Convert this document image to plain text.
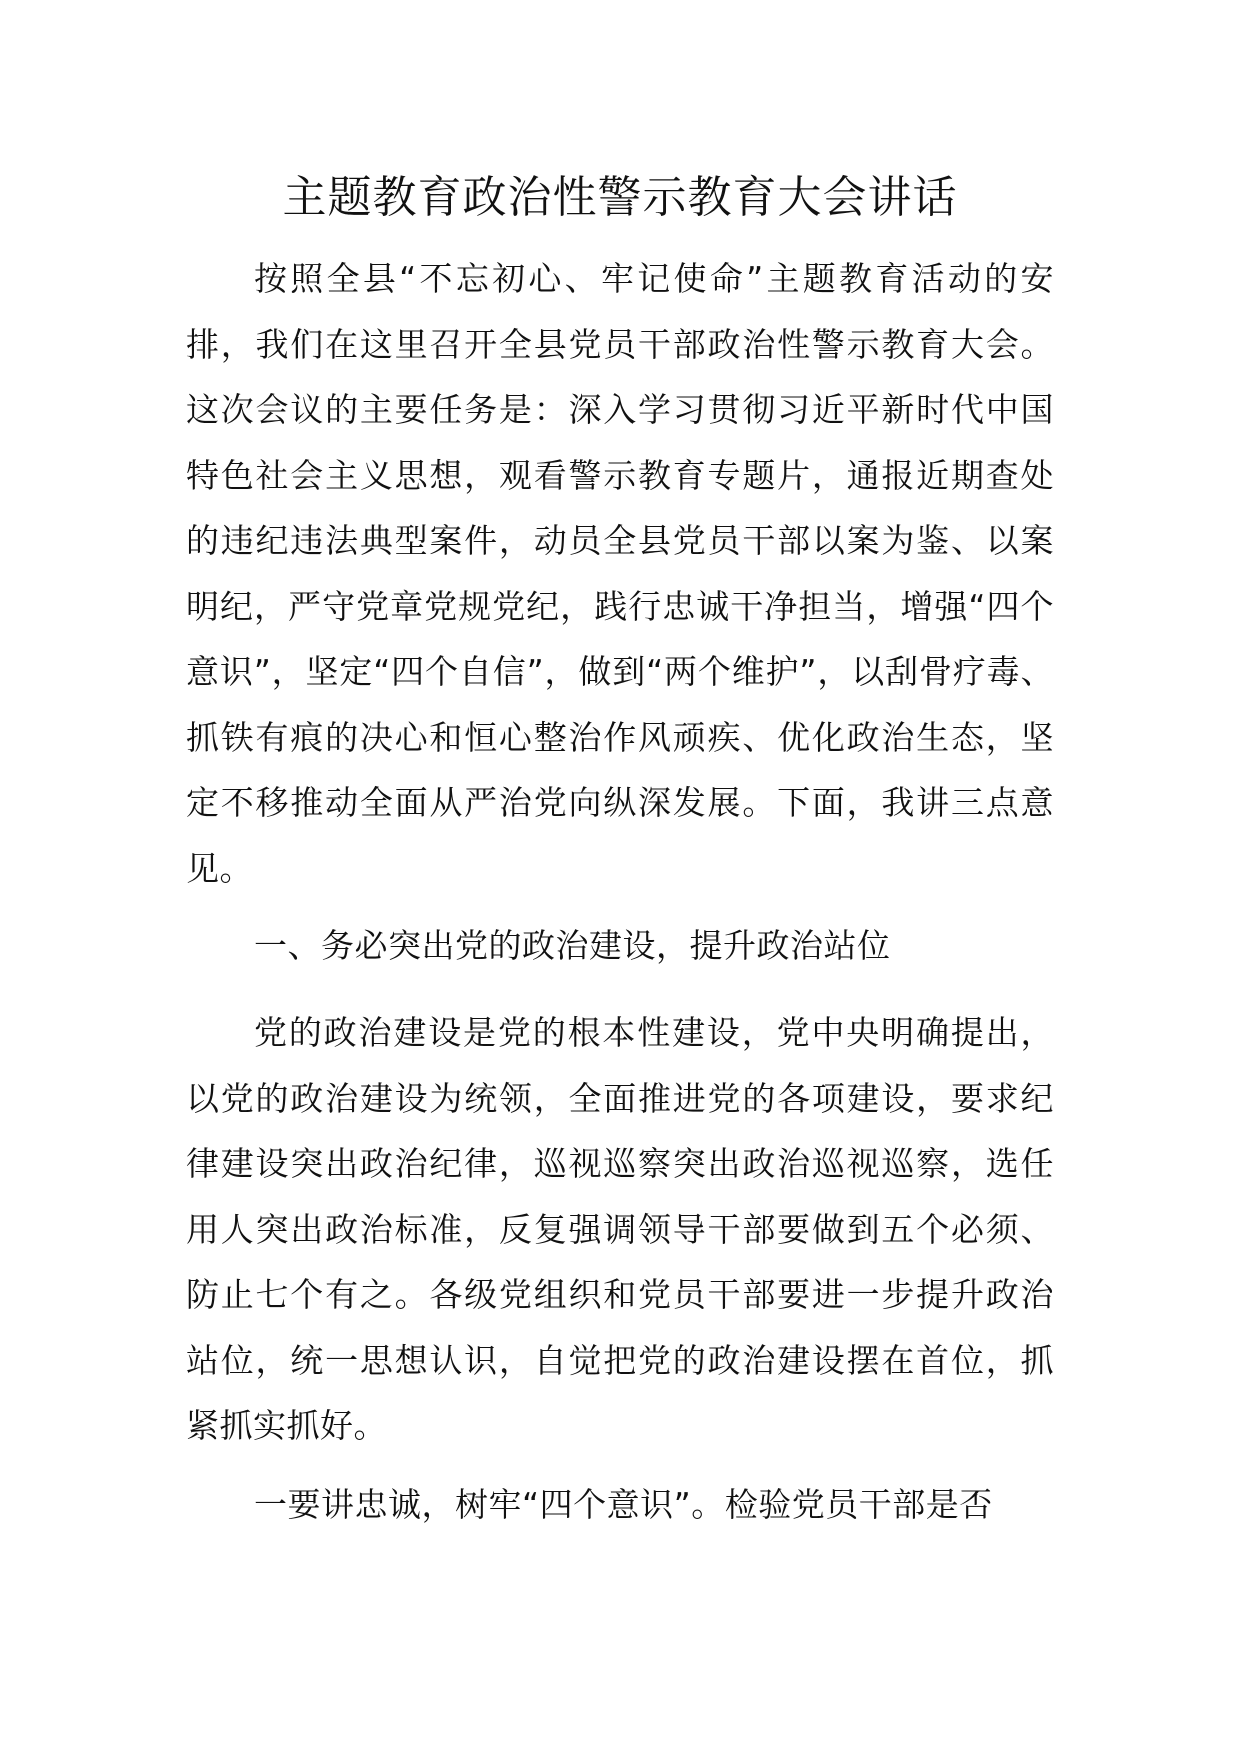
主题教育政治性警示教育大会讲话

按照全县“不忘初心、牢记使命”主题教育活动的安排，我们在这里召开全县党员干部政治性警示教育大会。这次会议的主要任务是：深入学习贯彻习近平新时代中国特色社会主义思想，观看警示教育专题片，通报近期查处的违纪违法典型案件，动员全县党员干部以案为鉴、以案明纪，严守党章党规党纪，践行忠诚干净担当，增强“四个意识”，坚定“四个自信”，做到“两个维护”，以刮骨疗毒、抓铁有痕的决心和恒心整治作风顽疾、优化政治生态，坚定不移推动全面从严治党向纵深发展。下面，我讲三点意见。

一、务必突出党的政治建设，提升政治站位

党的政治建设是党的根本性建设，党中央明确提出，以党的政治建设为统领，全面推进党的各项建设，要求纪律建设突出政治纪律，巡视巡察突出政治巡视巡察，选任用人突出政治标准，反复强调领导干部要做到五个必须、防止七个有之。各级党组织和党员干部要进一步提升政治站位，统一思想认识，自觉把党的政治建设摆在首位，抓紧抓实抓好。

一要讲忠诚，树牢“四个意识”。检验党员干部是否
